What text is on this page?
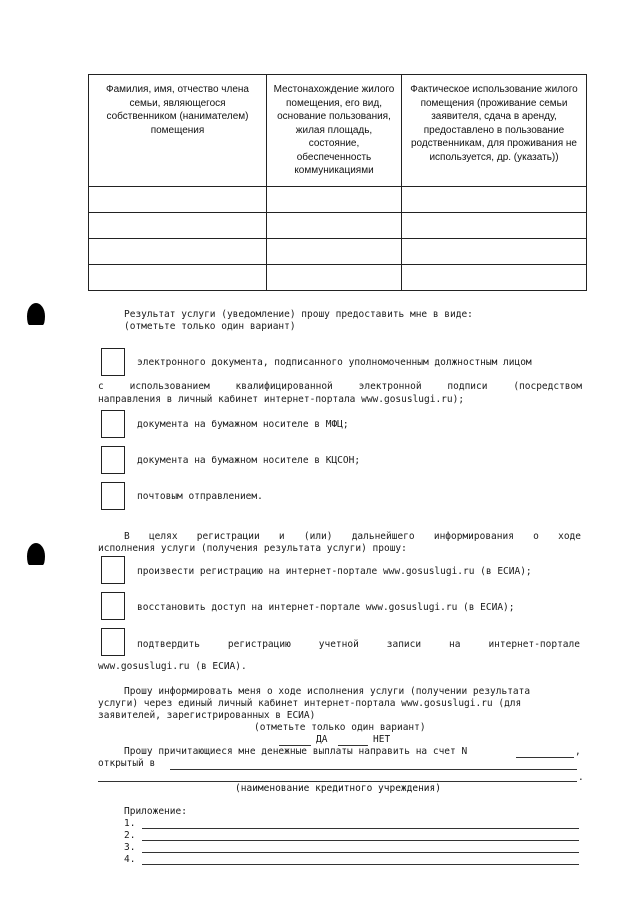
Фамилия, имя, отчество члена семьи, являющегося собственником (нанимателем) помещения	Местонахождение жилого помещения, его вид, основание пользования, жилая площадь, состояние, обеспеченность коммуникациями	Фактическое использование жилого помещения (проживание семьи заявителя, сдача в аренду, предоставлено в пользование родственникам, для проживания не используется, др. (указать))

Результат услуги (уведомление) прошу предоставить мне в виде:
(отметьте только один вариант)
электронного документа, подписанного уполномоченным должностным лицом
с	использованием	квалифицированной	электронной	подписи	(посредством
направления в личный кабинет интернет-портала www.gosuslugi.ru);
документа на бумажном носителе в МФЦ;
документа на бумажном носителе в КЦСОН;
почтовым отправлением.
В целях регистрации и (или) дальнейшего информирования о ходе
исполнения услуги (получения результата услуги) прошу:
произвести регистрацию на интернет-портале www.gosuslugi.ru (в ЕСИА);
восстановить доступ на интернет-портале www.gosuslugi.ru (в ЕСИА);
подтвердить	регистрацию	учетной	записи	на	интернет-портале
www.gosuslugi.ru (в ЕСИА).
Прошу информировать меня о ходе исполнения услуги (получении результата
услуги) через единый личный кабинет интернет-портала www.gosuslugi.ru (для
заявителей, зарегистрированных в ЕСИА)
(отметьте только один вариант)
ДА	НЕТ
Прошу причитающиеся мне денежные выплаты направить на счет N	,
открытый в
.
(наименование кредитного учреждения)
Приложение:
1.
2.
3.
4.
